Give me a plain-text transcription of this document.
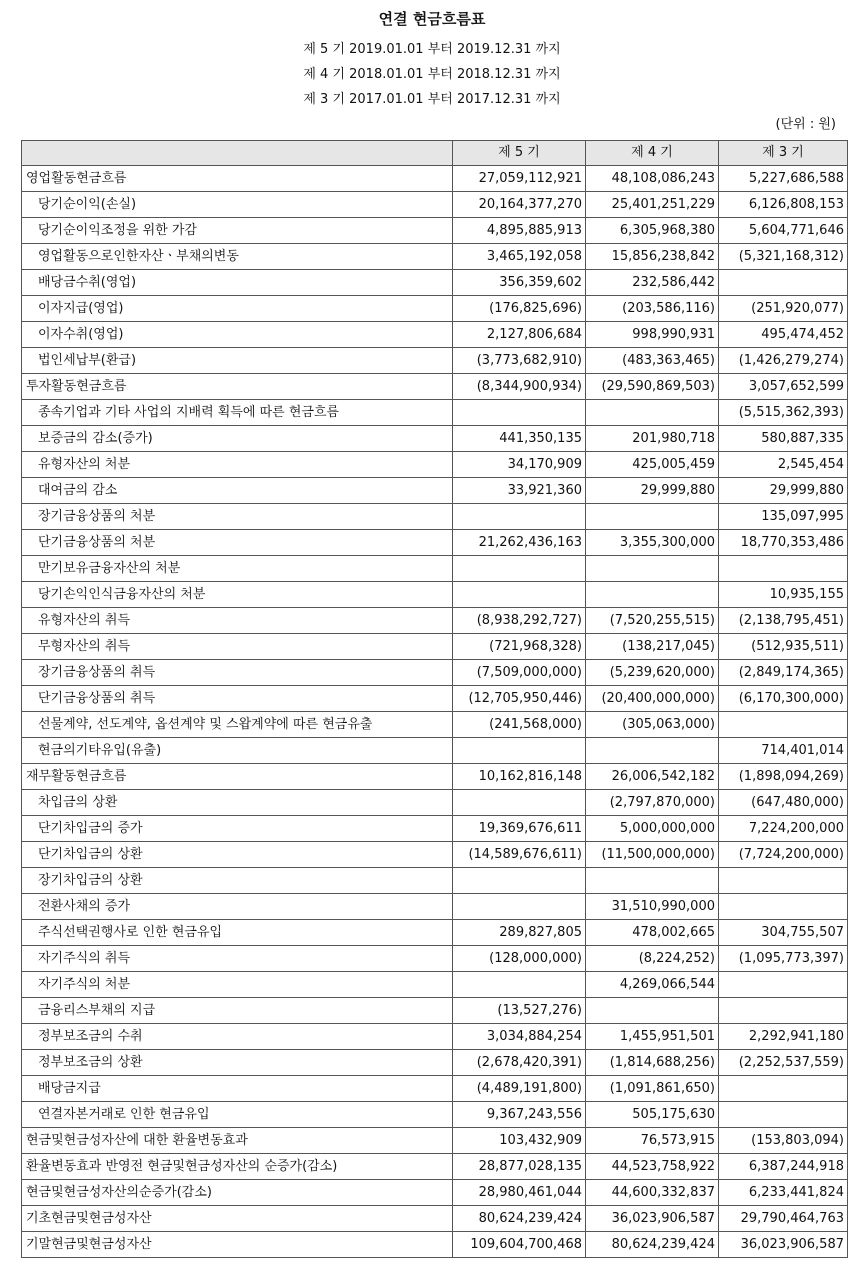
연결 현금흐름표
제 5 기 2019.01.01 부터 2019.12.31 까지
제 4 기 2018.01.01 부터 2018.12.31 까지
제 3 기 2017.01.01 부터 2017.12.31 까지
(단위 : 원)
	제 5 기	제 4 기	제 3 기
영업활동현금흐름	27,059,112,921	48,108,086,243	5,227,686,588
당기순이익(손실)	20,164,377,270	25,401,251,229	6,126,808,153
당기순이익조정을 위한 가감	4,895,885,913	6,305,968,380	5,604,771,646
영업활동으로인한자산ㆍ부채의변동	3,465,192,058	15,856,238,842	(5,321,168,312)
배당금수취(영업)	356,359,602	232,586,442	
이자지급(영업)	(176,825,696)	(203,586,116)	(251,920,077)
이자수취(영업)	2,127,806,684	998,990,931	495,474,452
법인세납부(환급)	(3,773,682,910)	(483,363,465)	(1,426,279,274)
투자활동현금흐름	(8,344,900,934)	(29,590,869,503)	3,057,652,599
종속기업과 기타 사업의 지배력 획득에 따른 현금흐름			(5,515,362,393)
보증금의 감소(증가)	441,350,135	201,980,718	580,887,335
유형자산의 처분	34,170,909	425,005,459	2,545,454
대여금의 감소	33,921,360	29,999,880	29,999,880
장기금융상품의 처분			135,097,995
단기금융상품의 처분	21,262,436,163	3,355,300,000	18,770,353,486
만기보유금융자산의 처분			
당기손익인식금융자산의 처분			10,935,155
유형자산의 취득	(8,938,292,727)	(7,520,255,515)	(2,138,795,451)
무형자산의 취득	(721,968,328)	(138,217,045)	(512,935,511)
장기금융상품의 취득	(7,509,000,000)	(5,239,620,000)	(2,849,174,365)
단기금융상품의 취득	(12,705,950,446)	(20,400,000,000)	(6,170,300,000)
선물계약, 선도계약, 옵션계약 및 스왑계약에 따른 현금유출	(241,568,000)	(305,063,000)	
현금의기타유입(유출)			714,401,014
재무활동현금흐름	10,162,816,148	26,006,542,182	(1,898,094,269)
차입금의 상환		(2,797,870,000)	(647,480,000)
단기차입금의 증가	19,369,676,611	5,000,000,000	7,224,200,000
단기차입금의 상환	(14,589,676,611)	(11,500,000,000)	(7,724,200,000)
장기차입금의 상환			
전환사채의 증가		31,510,990,000	
주식선택권행사로 인한 현금유입	289,827,805	478,002,665	304,755,507
자기주식의 취득	(128,000,000)	(8,224,252)	(1,095,773,397)
자기주식의 처분		4,269,066,544	
금융리스부채의 지급	(13,527,276)		
정부보조금의 수취	3,034,884,254	1,455,951,501	2,292,941,180
정부보조금의 상환	(2,678,420,391)	(1,814,688,256)	(2,252,537,559)
배당금지급	(4,489,191,800)	(1,091,861,650)	
연결자본거래로 인한 현금유입	9,367,243,556	505,175,630	
현금및현금성자산에 대한 환율변동효과	103,432,909	76,573,915	(153,803,094)
환율변동효과 반영전 현금및현금성자산의 순증가(감소)	28,877,028,135	44,523,758,922	6,387,244,918
현금및현금성자산의순증가(감소)	28,980,461,044	44,600,332,837	6,233,441,824
기초현금및현금성자산	80,624,239,424	36,023,906,587	29,790,464,763
기말현금및현금성자산	109,604,700,468	80,624,239,424	36,023,906,587
